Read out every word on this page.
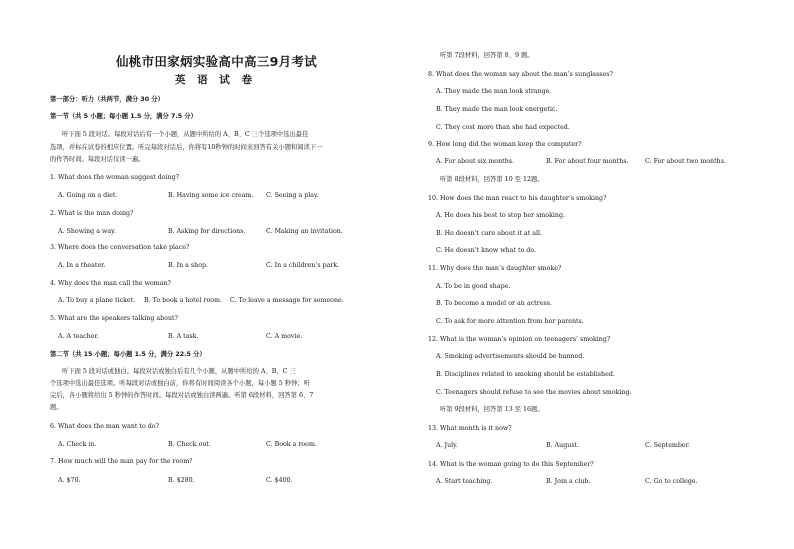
仙桃市田家炳实验高中高三9月考试
英 语 试 卷
第一部分：听力（共两节，满分 30 分）
第一节（共 5 小题；每小题 1.5 分，满分 7.5 分）
听下面 5 段对话。每段对话后有一个小题，从题中所给的 A、B、C 三个选项中选出最佳
选项，并标在试卷的相应位置。听完每段对话后，你将有10秒钟的时间来回答有关小题和阅读下一
的作答时间。每段对话仅读一遍。
1. What does the woman suggest doing?
A. Going on a diet.	B. Having some ice cream. C. Seeing a play.
2. What is the man doing?
A. Showing a way.	B. Asking for directions.	C. Making an invitation.
3. Where does the conversation take place?
A. In a theater.	B. In a shop.	C. In a children’s park.
4. Why does the man call the woman?
A. To buy a plane ticket. B. To book a hotel room. C. To leave a message for someone.
5. What are the speakers talking about?
A. A teacher.	B. A task.	C. A movie.
第二节（共 15 小题；每小题 1.5 分，满分 22.5 分）
听下面 5 段对话或独白。每段对话或独白后有几个小题，从题中所给的 A、B、C 三
个选项中选出最佳选项。听每段对话或独白前，你将有时间阅读各个小题，每小题 5 秒钟；听
完后，各小题将给出 5 秒钟的作答时间。每段对话或独白读两遍。听第 6段材料，回答第 6、7
题。
6. What does the man want to do?
A. Check in.	B. Check out.	C. Book a room.
7. How much will the man pay for the room?
A. $70.	B. $280.	C. $400.
听第 7段材料，回答第 8、9 题。
8. What does the woman say about the man’s sunglasses?
A. They made the man look strange.
B. They made the man look energetic.
C. They cost more than she had expected.
9. How long did the woman keep the computer?
A. For about six months.	B. For about four months.	C. For about two months.
听第 8段材料，回答第 10 至 12题。
10. How does the man react to his daughter’s smoking?
A. He does his best to stop her smoking.
B. He doesn’t care about it at all.
C. He doesn’t know what to do.
11. Why does the man’s daughter smoke?
A. To be in good shape.
B. To become a model or an actress.
C. To ask for more attention from her parents.
12. What is the woman’s opinion on teenagers’ smoking?
A. Smoking advertisements should be banned.
B. Disciplines related to smoking should be established.
C. Teenagers should refuse to see the movies about smoking.
听第 9段材料，回答第 13 至 16题。
13. What month is it now?
A. July.	B. August.	C. September.
14. What is the woman going to do this September?
A. Start teaching.	B. Join a club.	C. Go to college.
